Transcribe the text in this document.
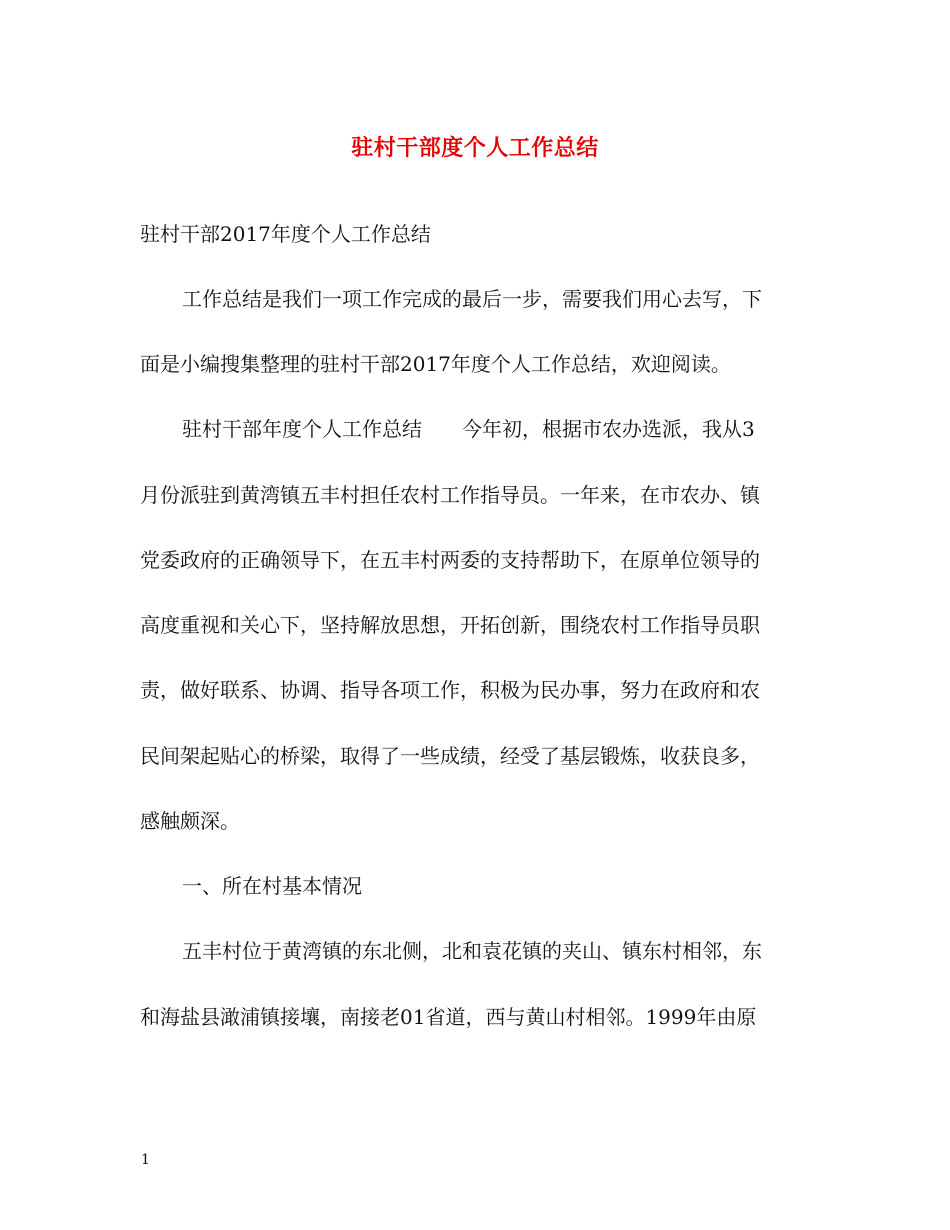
驻村干部度个人工作总结
驻村干部2017年度个人工作总结
工作总结是我们一项工作完成的最后一步，需要我们用心去写，下
面是小编搜集整理的驻村干部2017年度个人工作总结，欢迎阅读。
驻村干部年度个人工作总结　　今年初，根据市农办选派，我从3
月份派驻到黄湾镇五丰村担任农村工作指导员。一年来，在市农办、镇
党委政府的正确领导下，在五丰村两委的支持帮助下，在原单位领导的
高度重视和关心下，坚持解放思想，开拓创新，围绕农村工作指导员职
责，做好联系、协调、指导各项工作，积极为民办事，努力在政府和农
民间架起贴心的桥梁，取得了一些成绩，经受了基层锻炼，收获良多，
感触颇深。
一、所在村基本情况
五丰村位于黄湾镇的东北侧，北和袁花镇的夹山、镇东村相邻，东
和海盐县澉浦镇接壤，南接老01省道，西与黄山村相邻。1999年由原
1
